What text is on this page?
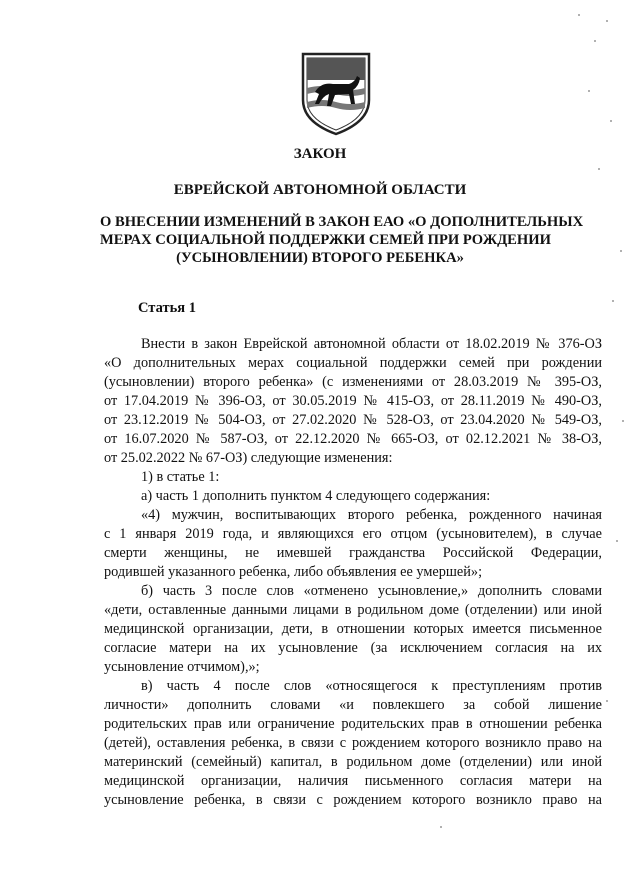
ЗАКОН
ЕВРЕЙСКОЙ АВТОНОМНОЙ ОБЛАСТИ
О ВНЕСЕНИИ ИЗМЕНЕНИЙ В ЗАКОН ЕАО «О ДОПОЛНИТЕЛЬНЫХ
МЕРАХ СОЦИАЛЬНОЙ ПОДДЕРЖКИ СЕМЕЙ ПРИ РОЖДЕНИИ
(УСЫНОВЛЕНИИ) ВТОРОГО РЕБЕНКА»
Статья 1
Внести в закон Еврейской автономной области от 18.02.2019 № 376-ОЗ
«О дополнительных мерах социальной поддержки семей при рождении
(усыновлении) второго ребенка» (с изменениями от 28.03.2019 № 395-ОЗ,
от 17.04.2019 № 396-ОЗ, от 30.05.2019 № 415-ОЗ, от 28.11.2019 № 490-ОЗ,
от 23.12.2019 № 504-ОЗ, от 27.02.2020 № 528-ОЗ, от 23.04.2020 № 549-ОЗ,
от 16.07.2020 № 587-ОЗ, от 22.12.2020 № 665-ОЗ, от 02.12.2021 № 38-ОЗ,
от 25.02.2022 № 67-ОЗ) следующие изменения:
1) в статье 1:
а) часть 1 дополнить пунктом 4 следующего содержания:
«4) мужчин, воспитывающих второго ребенка, рожденного начиная
с 1 января 2019 года, и являющихся его отцом (усыновителем), в случае
смерти женщины, не имевшей гражданства Российской Федерации,
родившей указанного ребенка, либо объявления ее умершей»;
б) часть 3 после слов «отменено усыновление,» дополнить словами
«дети, оставленные данными лицами в родильном доме (отделении) или иной
медицинской организации, дети, в отношении которых имеется письменное
согласие матери на их усыновление (за исключением согласия на их
усыновление отчимом),»;
в) часть 4 после слов «относящегося к преступлениям против
личности» дополнить словами «и повлекшего за собой лишение
родительских прав или ограничение родительских прав в отношении ребенка
(детей), оставления ребенка, в связи с рождением которого возникло право на
материнский (семейный) капитал, в родильном доме (отделении) или иной
медицинской организации, наличия письменного согласия матери на
усыновление ребенка, в связи с рождением которого возникло право на
